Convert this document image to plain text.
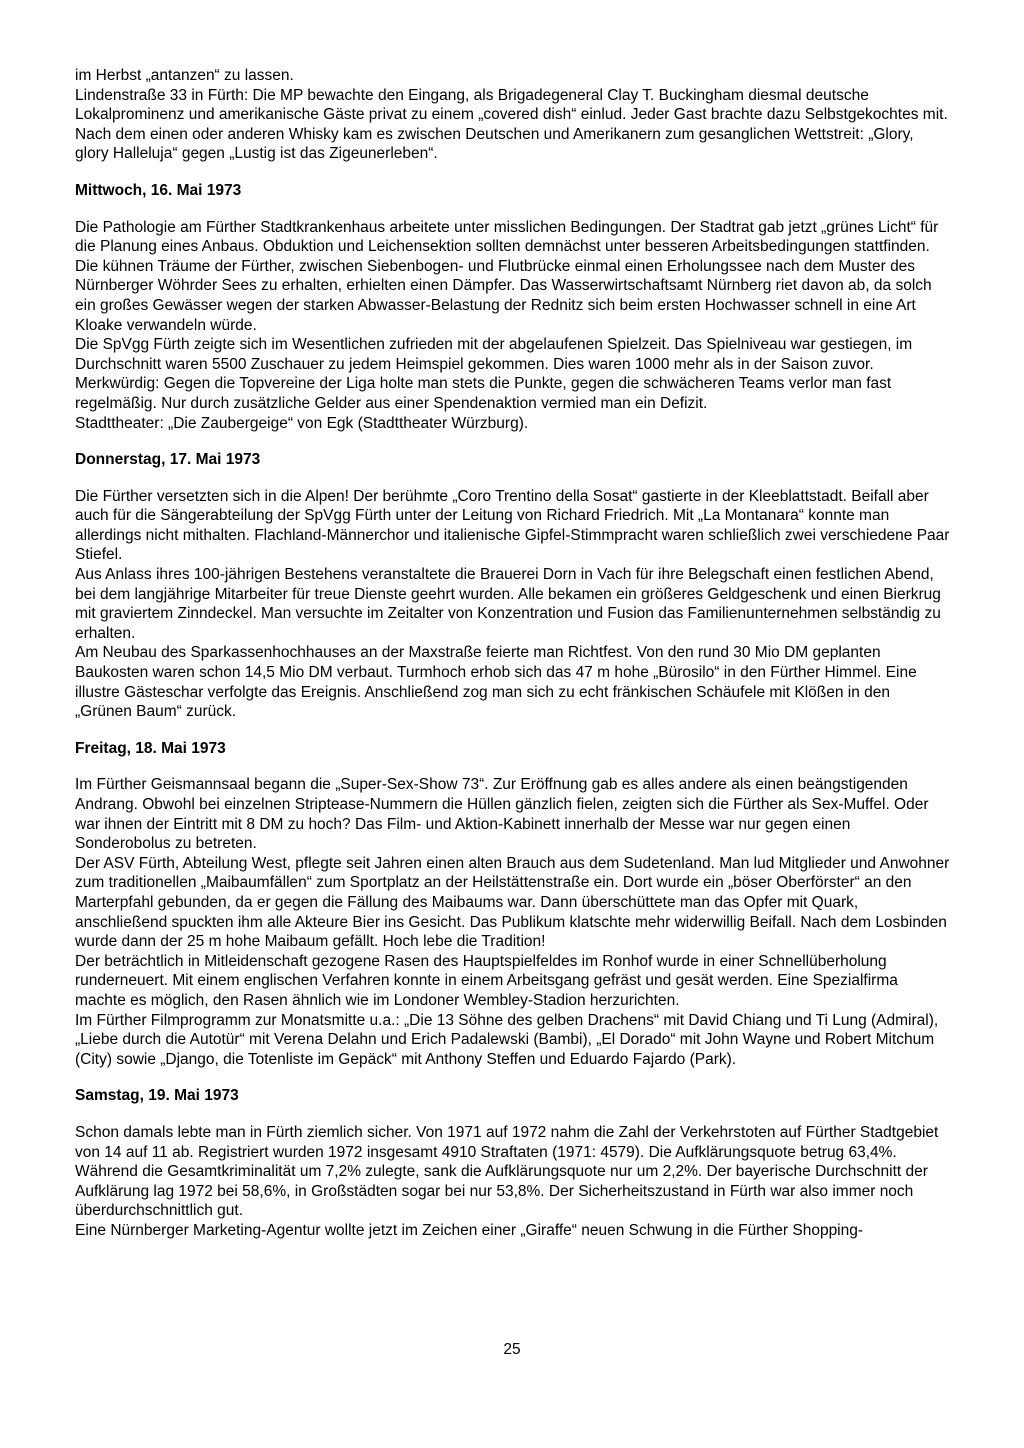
im Herbst „antanzen“ zu lassen.

Lindenstraße 33 in Fürth: Die MP bewachte den Eingang, als Brigadegeneral Clay T. Buckingham diesmal deutsche Lokalprominenz und amerikanische Gäste privat zu einem „covered dish“ einlud. Jeder Gast brachte dazu Selbstgekochtes mit. Nach dem einen oder anderen Whisky kam es zwischen Deutschen und Amerikanern zum gesanglichen Wettstreit: „Glory, glory Halleluja“ gegen „Lustig ist das Zigeunerleben“.

Mittwoch, 16. Mai 1973

Die Pathologie am Fürther Stadtkrankenhaus arbeitete unter misslichen Bedingungen. Der Stadtrat gab jetzt „grünes Licht“ für die Planung eines Anbaus. Obduktion und Leichensektion sollten demnächst unter besseren Arbeitsbedingungen stattfinden.

Die kühnen Träume der Fürther, zwischen Siebenbogen- und Flutbrücke einmal einen Erholungssee nach dem Muster des Nürnberger Wöhrder Sees zu erhalten, erhielten einen Dämpfer. Das Wasserwirtschaftsamt Nürnberg riet davon ab, da solch ein großes Gewässer wegen der starken Abwasser-Belastung der Rednitz sich beim ersten Hochwasser schnell in eine Art Kloake verwandeln würde.

Die SpVgg Fürth zeigte sich im Wesentlichen zufrieden mit der abgelaufenen Spielzeit. Das Spielniveau war gestiegen, im Durchschnitt waren 5500 Zuschauer zu jedem Heimspiel gekommen. Dies waren 1000 mehr als in der Saison zuvor. Merkwürdig: Gegen die Topvereine der Liga holte man stets die Punkte, gegen die schwächeren Teams verlor man fast regelmäßig. Nur durch zusätzliche Gelder aus einer Spendenaktion vermied man ein Defizit.

Stadttheater: „Die Zaubergeige“ von Egk (Stadttheater Würzburg).

Donnerstag, 17. Mai 1973

Die Fürther versetzten sich in die Alpen! Der berühmte „Coro Trentino della Sosat“ gastierte in der Kleeblattstadt. Beifall aber auch für die Sängerabteilung der SpVgg Fürth unter der Leitung von Richard Friedrich. Mit „La Montanara“ konnte man allerdings nicht mithalten. Flachland-Männerchor und italienische Gipfel-Stimmpracht waren schließlich zwei verschiedene Paar Stiefel.

Aus Anlass ihres 100-jährigen Bestehens veranstaltete die Brauerei Dorn in Vach für ihre Belegschaft einen festlichen Abend, bei dem langjährige Mitarbeiter für treue Dienste geehrt wurden. Alle bekamen ein größeres Geldgeschenk und einen Bierkrug mit graviertem Zinndeckel. Man versuchte im Zeitalter von Konzentration und Fusion das Familienunternehmen selbständig zu erhalten.

Am Neubau des Sparkassenhochhauses an der Maxstraße feierte man Richtfest. Von den rund 30 Mio DM geplanten Baukosten waren schon 14,5 Mio DM verbaut. Turmhoch erhob sich das 47 m hohe „Bürosilo“ in den Fürther Himmel. Eine illustre Gästeschar verfolgte das Ereignis. Anschließend zog man sich zu echt fränkischen Schäufele mit Klößen in den „Grünen Baum“ zurück.

Freitag, 18. Mai 1973

Im Fürther Geismannsaal begann die „Super-Sex-Show 73“. Zur Eröffnung gab es alles andere als einen beängstigenden Andrang. Obwohl bei einzelnen Striptease-Nummern die Hüllen gänzlich fielen, zeigten sich die Fürther als Sex-Muffel. Oder war ihnen der Eintritt mit 8 DM zu hoch? Das Film- und Aktion-Kabinett innerhalb der Messe war nur gegen einen Sonderobolus zu betreten.

Der ASV Fürth, Abteilung West, pflegte seit Jahren einen alten Brauch aus dem Sudetenland. Man lud Mitglieder und Anwohner zum traditionellen „Maibaumfällen“ zum Sportplatz an der Heilstättenstraße ein. Dort wurde ein „böser Oberförster“ an den Marterpfahl gebunden, da er gegen die Fällung des Maibaums war. Dann überschüttete man das Opfer mit Quark, anschließend spuckten ihm alle Akteure Bier ins Gesicht. Das Publikum klatschte mehr widerwillig Beifall. Nach dem Losbinden wurde dann der 25 m hohe Maibaum gefällt. Hoch lebe die Tradition!

Der beträchtlich in Mitleidenschaft gezogene Rasen des Hauptspielfeldes im Ronhof wurde in einer Schnellüberholung runderneuert. Mit einem englischen Verfahren konnte in einem Arbeitsgang gefräst und gesät werden. Eine Spezialfirma machte es möglich, den Rasen ähnlich wie im Londoner Wembley-Stadion herzurichten.

Im Fürther Filmprogramm zur Monatsmitte u.a.: „Die 13 Söhne des gelben Drachens“ mit David Chiang und Ti Lung (Admiral), „Liebe durch die Autotür“ mit Verena Delahn und Erich Padalewski (Bambi), „El Dorado“ mit John Wayne und Robert Mitchum (City) sowie „Django, die Totenliste im Gepäck“ mit Anthony Steffen und Eduardo Fajardo (Park).

Samstag, 19. Mai 1973

Schon damals lebte man in Fürth ziemlich sicher. Von 1971 auf 1972 nahm die Zahl der Verkehrstoten auf Fürther Stadtgebiet von 14 auf 11 ab. Registriert wurden 1972 insgesamt 4910 Straftaten (1971: 4579). Die Aufklärungsquote betrug 63,4%. Während die Gesamtkriminalität um 7,2% zulegte, sank die Aufklärungsquote nur um 2,2%. Der bayerische Durchschnitt der Aufklärung lag 1972 bei 58,6%, in Großstädten sogar bei nur 53,8%. Der Sicherheitszustand in Fürth war also immer noch überdurchschnittlich gut.

Eine Nürnberger Marketing-Agentur wollte jetzt im Zeichen einer „Giraffe“ neuen Schwung in die Fürther Shopping-

25
